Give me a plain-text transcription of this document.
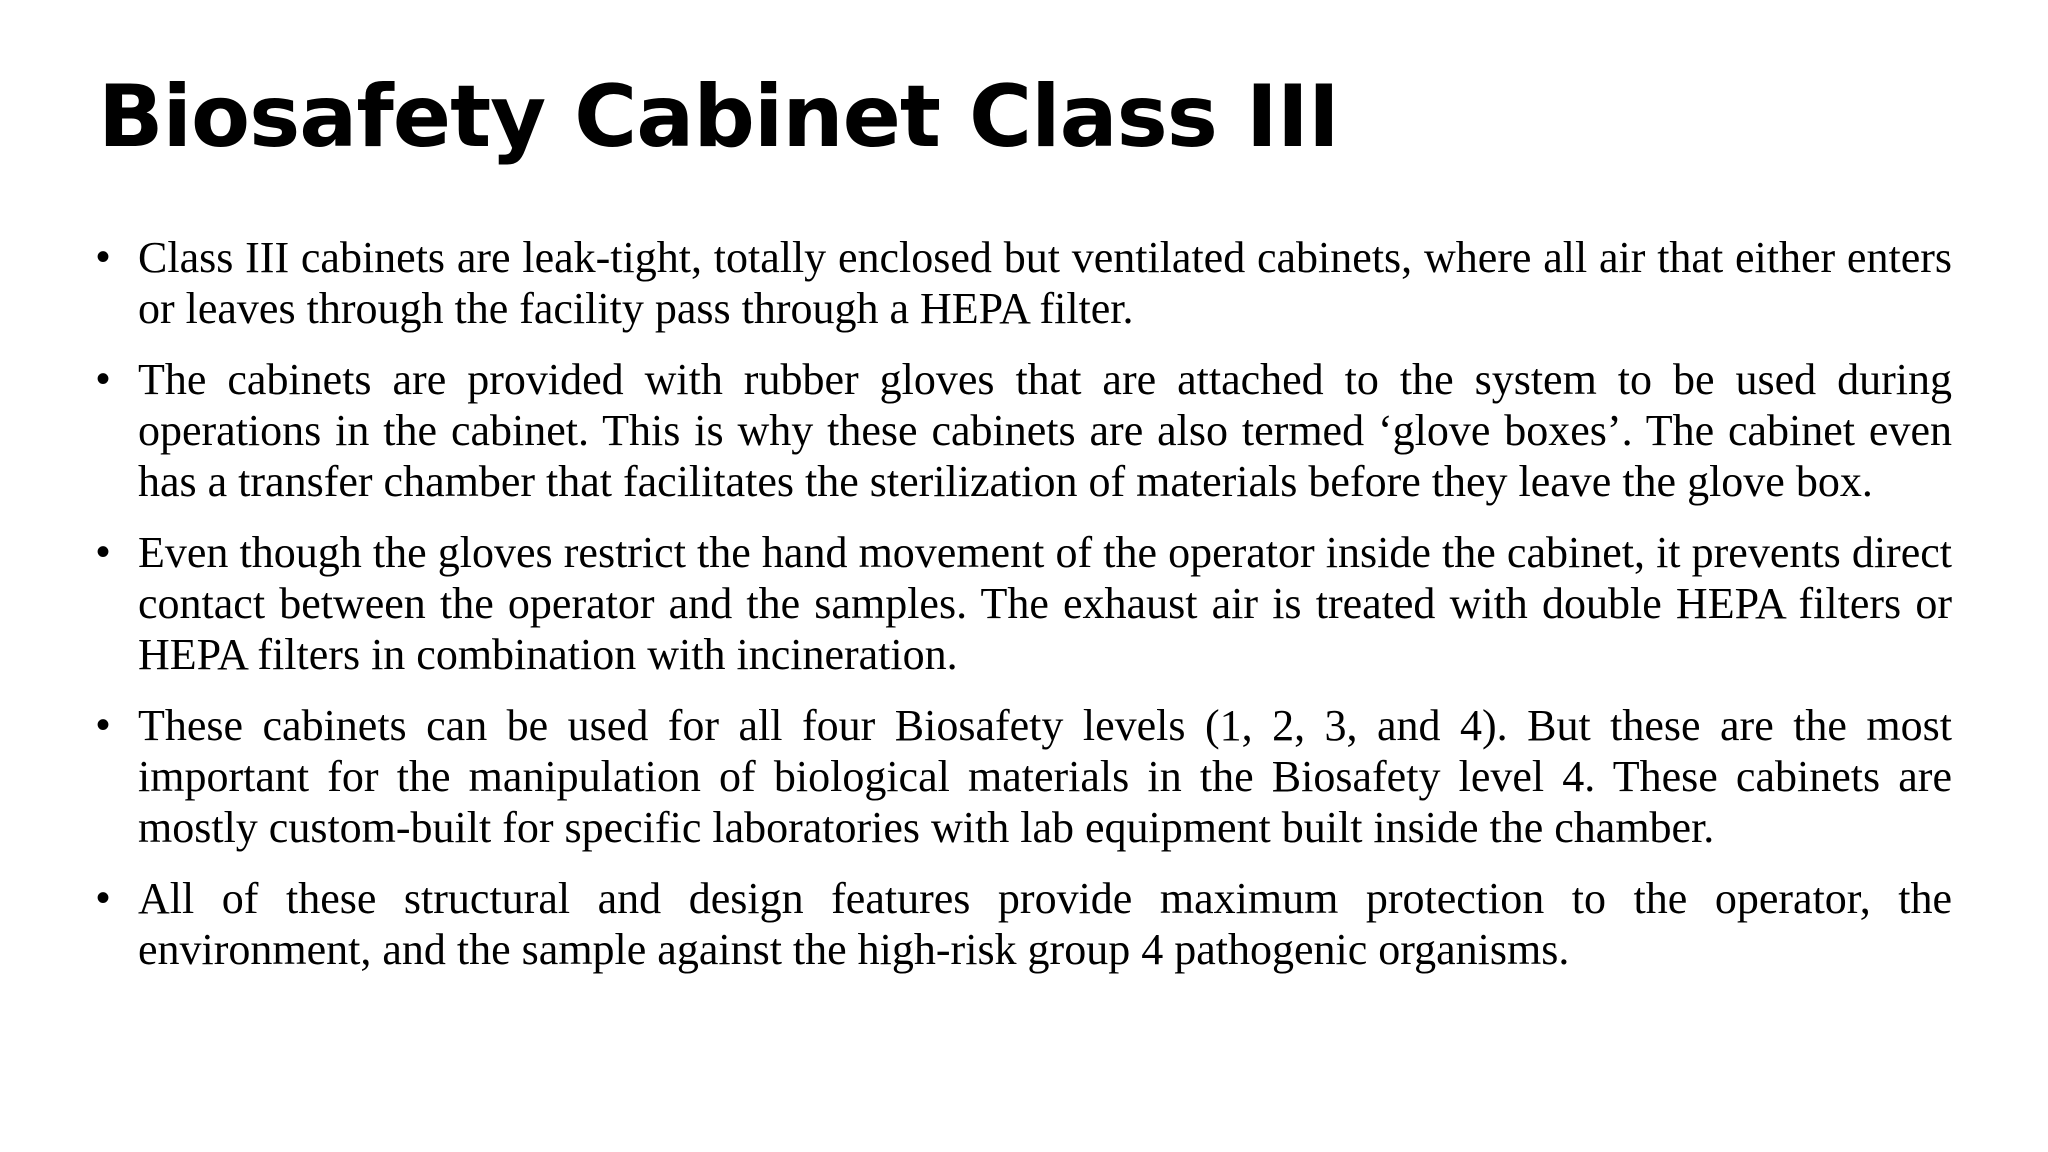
Biosafety Cabinet Class III
• Class III cabinets are leak-tight, totally enclosed but ventilated cabinets, where all air that either enters or leaves through the facility pass through a HEPA filter.
• The cabinets are provided with rubber gloves that are attached to the system to be used during operations in the cabinet. This is why these cabinets are also termed ‘glove boxes’. The cabinet even has a transfer chamber that facilitates the sterilization of materials before they leave the glove box.
• Even though the gloves restrict the hand movement of the operator inside the cabinet, it prevents direct contact between the operator and the samples. The exhaust air is treated with double HEPA filters or HEPA filters in combination with incineration.
• These cabinets can be used for all four Biosafety levels (1, 2, 3, and 4). But these are the most important for the manipulation of biological materials in the Biosafety level 4. These cabinets are mostly custom-built for specific laboratories with lab equipment built inside the chamber.
• All of these structural and design features provide maximum protection to the operator, the environment, and the sample against the high-risk group 4 pathogenic organisms.
